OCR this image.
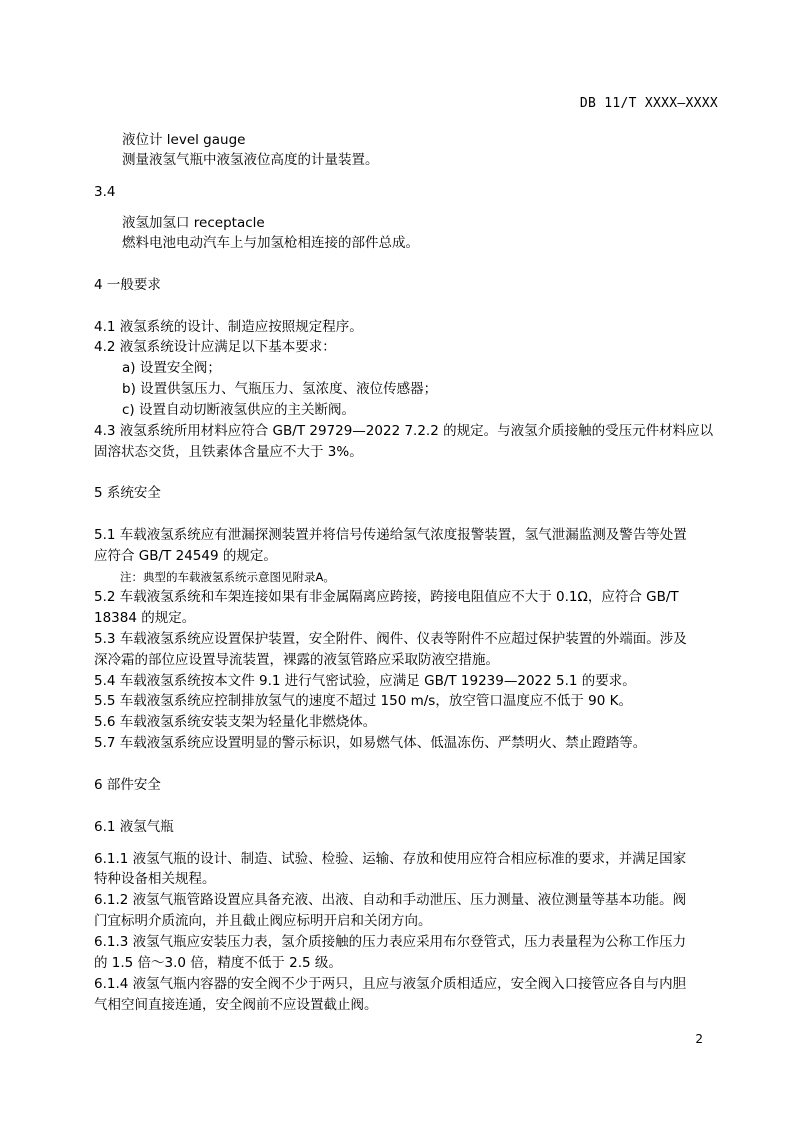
DB 11/T XXXX—XXXX
液位计 level gauge
测量液氢气瓶中液氢液位高度的计量装置。
3.4
液氢加氢口 receptacle
燃料电池电动汽车上与加氢枪相连接的部件总成。
4 一般要求
4.1 液氢系统的设计、制造应按照规定程序。
4.2 液氢系统设计应满足以下基本要求：
a) 设置安全阀；
b) 设置供氢压力、气瓶压力、氢浓度、液位传感器；
c) 设置自动切断液氢供应的主关断阀。
4.3 液氢系统所用材料应符合 GB/T 29729—2022 7.2.2 的规定。与液氢介质接触的受压元件材料应以
固溶状态交货，且铁素体含量应不大于 3%。
5 系统安全
5.1 车载液氢系统应有泄漏探测装置并将信号传递给氢气浓度报警装置，氢气泄漏监测及警告等处置
应符合 GB/T 24549 的规定。
注：典型的车载液氢系统示意图见附录A。
5.2 车载液氢系统和车架连接如果有非金属隔离应跨接，跨接电阻值应不大于 0.1Ω，应符合 GB/T
18384 的规定。
5.3 车载液氢系统应设置保护装置，安全附件、阀件、仪表等附件不应超过保护装置的外端面。涉及
深冷霜的部位应设置导流装置，裸露的液氢管路应采取防液空措施。
5.4 车载液氢系统按本文件 9.1 进行气密试验，应满足 GB/T 19239—2022 5.1 的要求。
5.5 车载液氢系统应控制排放氢气的速度不超过 150 m/s，放空管口温度应不低于 90 K。
5.6 车载液氢系统安装支架为轻量化非燃烧体。
5.7 车载液氢系统应设置明显的警示标识，如易燃气体、低温冻伤、严禁明火、禁止蹬踏等。
6 部件安全
6.1 液氢气瓶
6.1.1 液氢气瓶的设计、制造、试验、检验、运输、存放和使用应符合相应标准的要求，并满足国家
特种设备相关规程。
6.1.2 液氢气瓶管路设置应具备充液、出液、自动和手动泄压、压力测量、液位测量等基本功能。阀
门宜标明介质流向，并且截止阀应标明开启和关闭方向。
6.1.3 液氢气瓶应安装压力表，氢介质接触的压力表应采用布尔登管式，压力表量程为公称工作压力
的 1.5 倍～3.0 倍，精度不低于 2.5 级。
6.1.4 液氢气瓶内容器的安全阀不少于两只，且应与液氢介质相适应，安全阀入口接管应各自与内胆
气相空间直接连通，安全阀前不应设置截止阀。
2
